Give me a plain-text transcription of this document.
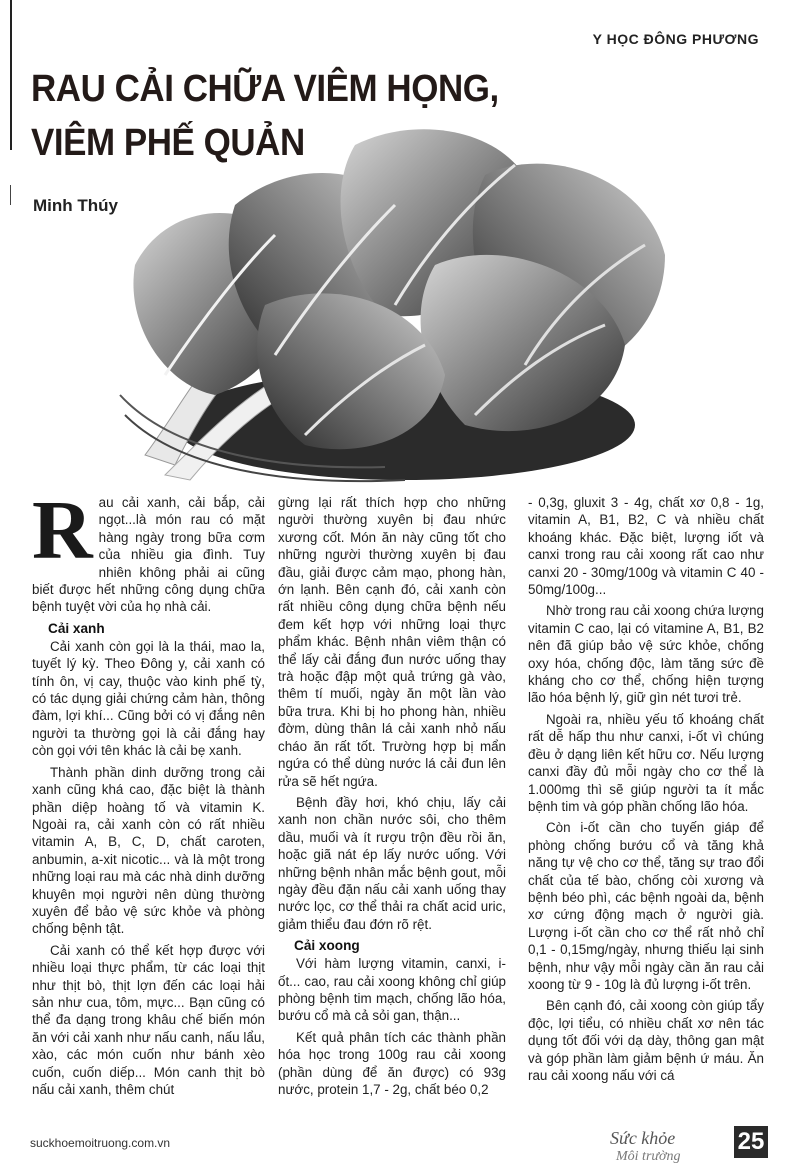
Y HỌC ĐÔNG PHƯƠNG
RAU CẢI CHỮA VIÊM HỌNG,
VIÊM PHẾ QUẢN
Minh Thúy

Rau cải xanh, cải bắp, cải ngọt...là món rau có mặt hàng ngày trong bữa cơm của nhiều gia đình. Tuy nhiên không phải ai cũng biết được hết những công dụng chữa bệnh tuyệt vời của họ nhà cải.

Cải xanh

Cải xanh còn gọi là la thái, mao la, tuyết lý kỳ. Theo Đông y, cải xanh có tính ôn, vị cay, thuộc vào kinh phế tỳ, có tác dụng giải chứng cảm hàn, thông đàm, lợi khí... Cũng bởi có vị đắng nên người ta thường gọi là cải đắng hay còn gọi với tên khác là cải bẹ xanh.

Thành phần dinh dưỡng trong cải xanh cũng khá cao, đặc biệt là thành phần diệp hoàng tố và vitamin K. Ngoài ra, cải xanh còn có rất nhiều vitamin A, B, C, D, chất caroten, anbumin, a-xit nicotic... và là một trong những loại rau mà các nhà dinh dưỡng khuyên mọi người nên dùng thường xuyên để bảo vệ sức khỏe và phòng chống bệnh tật.

Cải xanh có thể kết hợp được với nhiều loại thực phẩm, từ các loại thịt như thịt bò, thịt lợn đến các loại hải sản như cua, tôm, mực... Bạn cũng có thể đa dạng trong khâu chế biến món ăn với cải xanh như nấu canh, nấu lẩu, xào, các món cuốn như bánh xèo cuốn, cuốn diếp... Món canh thịt bò nấu cải xanh, thêm chút

gừng lại rất thích hợp cho những người thường xuyên bị đau nhức xương cốt. Món ăn này cũng tốt cho những người thường xuyên bị đau đầu, giải được cảm mạo, phong hàn, ớn lạnh. Bên cạnh đó, cải xanh còn rất nhiều công dụng chữa bệnh nếu đem kết hợp với những loại thực phẩm khác. Bệnh nhân viêm thận có thể lấy cải đắng đun nước uống thay trà hoặc đập một quả trứng gà vào, thêm tí muối, ngày ăn một lần vào bữa trưa. Khi bị ho phong hàn, nhiều đờm, dùng thân lá cải xanh nhỏ nấu cháo ăn rất tốt. Trường hợp bị mẩn ngứa có thể dùng nước lá cải đun lên rửa sẽ hết ngứa.

Bệnh đầy hơi, khó chịu, lấy cải xanh non chần nước sôi, cho thêm dầu, muối và ít rượu trộn đều rồi ăn, hoặc giã nát ép lấy nước uống. Với những bệnh nhân mắc bệnh gout, mỗi ngày đều đặn nấu cải xanh uống thay nước lọc, cơ thể thải ra chất acid uric, giảm thiểu đau đớn rõ rệt.

Cải xoong

Với hàm lượng vitamin, canxi, i-ốt... cao, rau cải xoong không chỉ giúp phòng bệnh tim mạch, chống lão hóa, bướu cổ mà cả sỏi gan, thận...

Kết quả phân tích các thành phần hóa học trong 100g rau cải xoong (phần dùng để ăn được) có 93g nước, protein 1,7 - 2g, chất béo 0,2

- 0,3g, gluxit 3 - 4g, chất xơ 0,8 - 1g, vitamin A, B1, B2, C và nhiều chất khoáng khác. Đặc biệt, lượng iốt và canxi trong rau cải xoong rất cao như canxi 20 - 30mg/100g và vitamin C 40 - 50mg/100g...

Nhờ trong rau cải xoong chứa lượng vitamin C cao, lại có vitamine A, B1, B2 nên đã giúp bảo vệ sức khỏe, chống oxy hóa, chống độc, làm tăng sức đề kháng cho cơ thể, chống hiện tượng lão hóa bệnh lý, giữ gìn nét tươi trẻ.

Ngoài ra, nhiều yếu tố khoáng chất rất dễ hấp thu như canxi, i-ốt vì chúng đều ở dạng liên kết hữu cơ. Nếu lượng canxi đầy đủ mỗi ngày cho cơ thể là 1.000mg thì sẽ giúp người ta ít mắc bệnh tim và góp phần chống lão hóa.

Còn i-ốt cần cho tuyến giáp để phòng chống bướu cổ và tăng khả năng tự vệ cho cơ thể, tăng sự trao đổi chất của tế bào, chống còi xương và bệnh béo phì, các bệnh ngoài da, bệnh xơ cứng động mạch ở người già. Lượng i-ốt cần cho cơ thể rất nhỏ chỉ 0,1 - 0,15mg/ngày, nhưng thiếu lại sinh bệnh, như vậy mỗi ngày cần ăn rau cải xoong từ 9 - 10g là đủ lượng i-ốt trên.

Bên cạnh đó, cải xoong còn giúp tẩy độc, lợi tiểu, có nhiều chất xơ nên tác dụng tốt đối với dạ dày, thông gan mật và góp phần làm giảm bệnh ứ máu. Ăn rau cải xoong nấu với cá

suckhoemoitruong.com.vn	Sức khỏe
Môi trường
25
